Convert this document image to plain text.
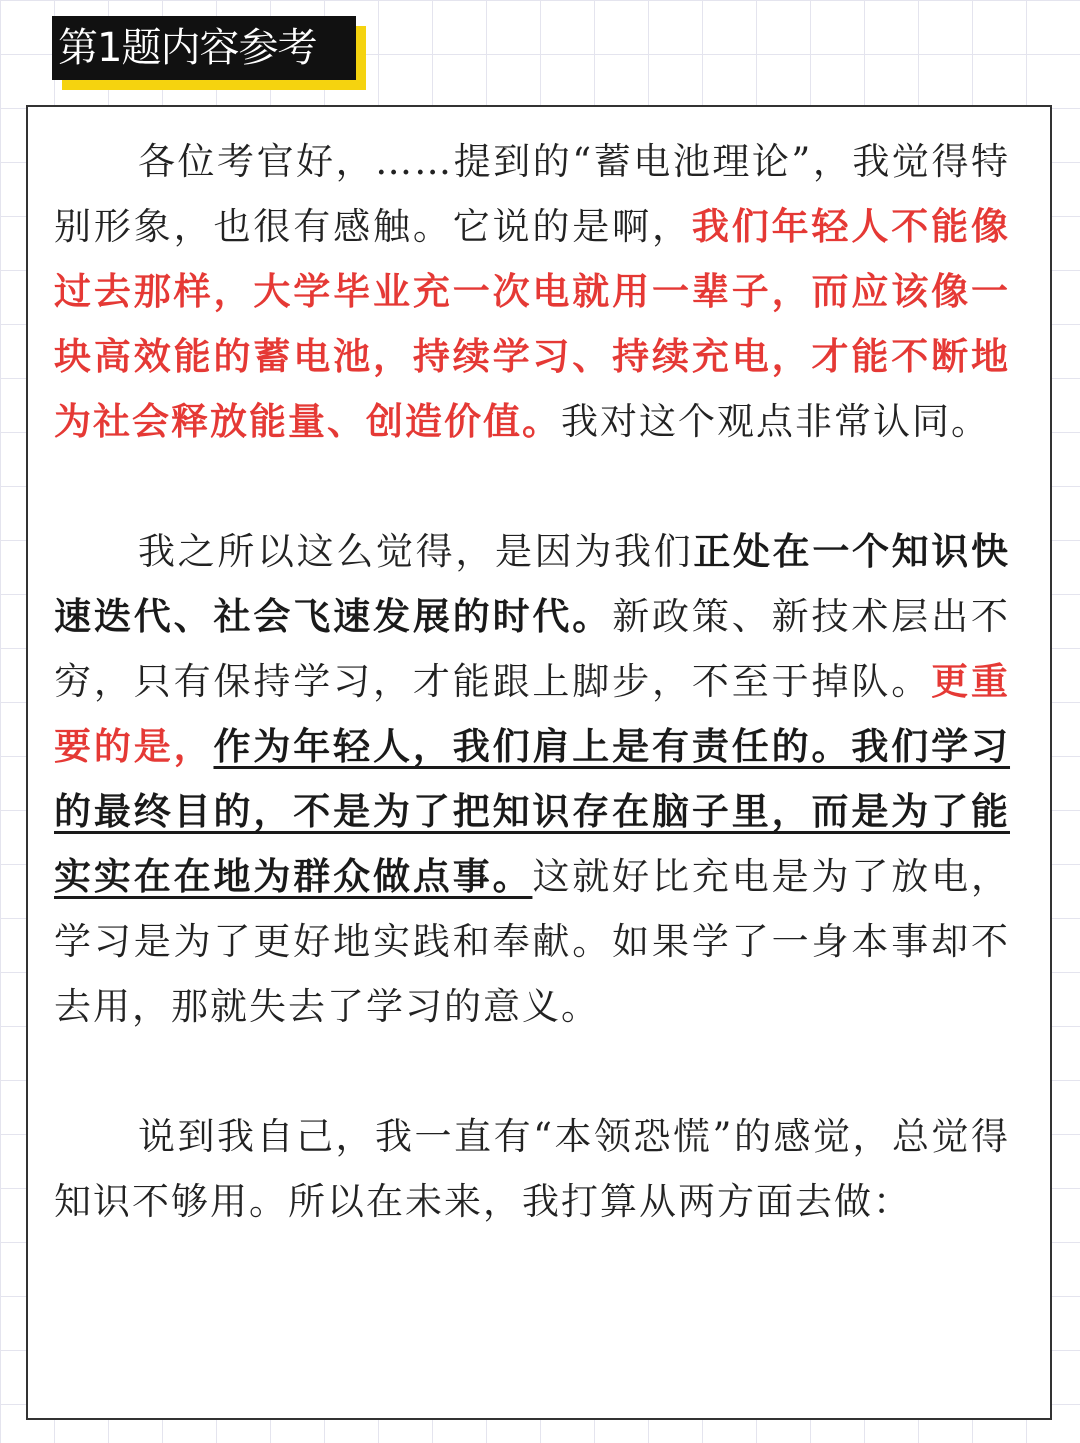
第1题内容参考

各位考官好，……提到的“蓄电池理论”，我觉得特别形象，也很有感触。它说的是啊，我们年轻人不能像过去那样，大学毕业充一次电就用一辈子，而应该像一块高效能的蓄电池，持续学习、持续充电，才能不断地为社会释放能量、创造价值。我对这个观点非常认同。

我之所以这么觉得，是因为我们正处在一个知识快速迭代、社会飞速发展的时代。新政策、新技术层出不穷，只有保持学习，才能跟上脚步，不至于掉队。更重要的是，作为年轻人，我们肩上是有责任的。我们学习的最终目的，不是为了把知识存在脑子里，而是为了能实实在在地为群众做点事。这就好比充电是为了放电，学习是为了更好地实践和奉献。如果学了一身本事却不去用，那就失去了学习的意义。

说到我自己，我一直有“本领恐慌”的感觉，总觉得知识不够用。所以在未来，我打算从两方面去做：
